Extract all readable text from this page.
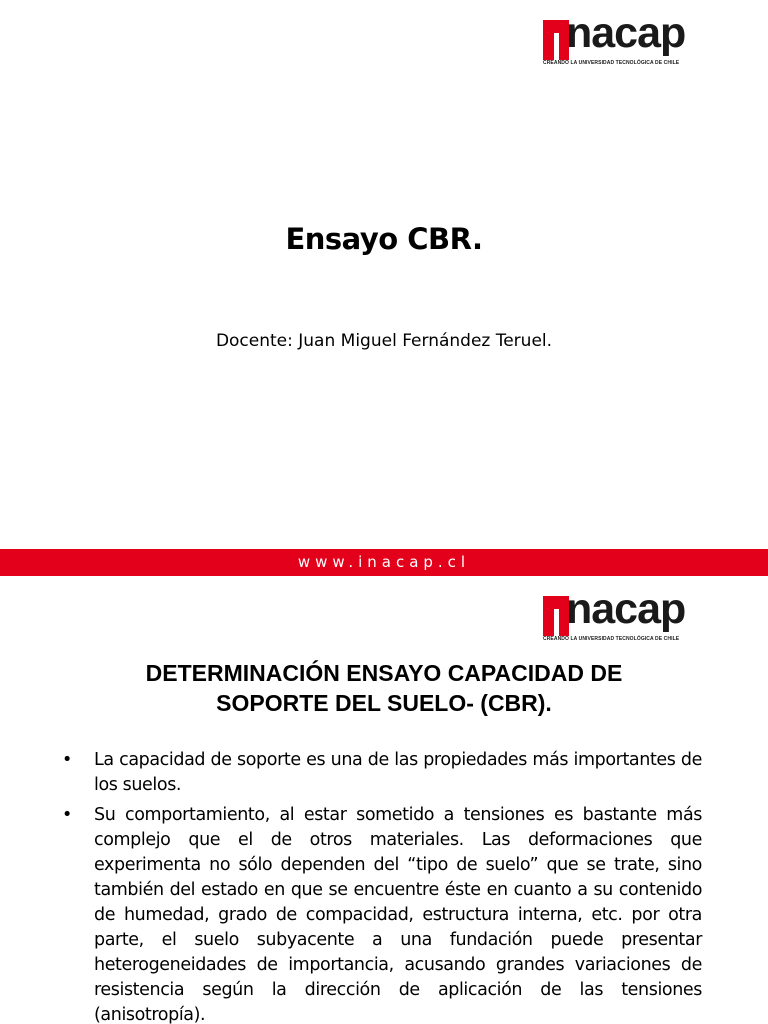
nacap
CREANDO LA UNIVERSIDAD TECNOLÓGICA DE CHILE
Ensayo CBR.
Docente: Juan Miguel Fernández Teruel.
www.inacap.cl
nacap
CREANDO LA UNIVERSIDAD TECNOLÓGICA DE CHILE
DETERMINACIÓN ENSAYO CAPACIDAD DE
SOPORTE DEL SUELO- (CBR).
• La capacidad de soporte es una de las propiedades más importantes de los suelos.
• Su comportamiento, al estar sometido a tensiones es bastante más complejo que el de otros materiales. Las deformaciones que experimenta no sólo dependen del “tipo de suelo” que se trate, sino también del estado en que se encuentre éste en cuanto a su contenido de humedad, grado de compacidad, estructura interna, etc. por otra parte, el suelo subyacente a una fundación puede presentar heterogeneidades de importancia, acusando grandes variaciones de resistencia según la dirección de aplicación de las tensiones (anisotropía).
